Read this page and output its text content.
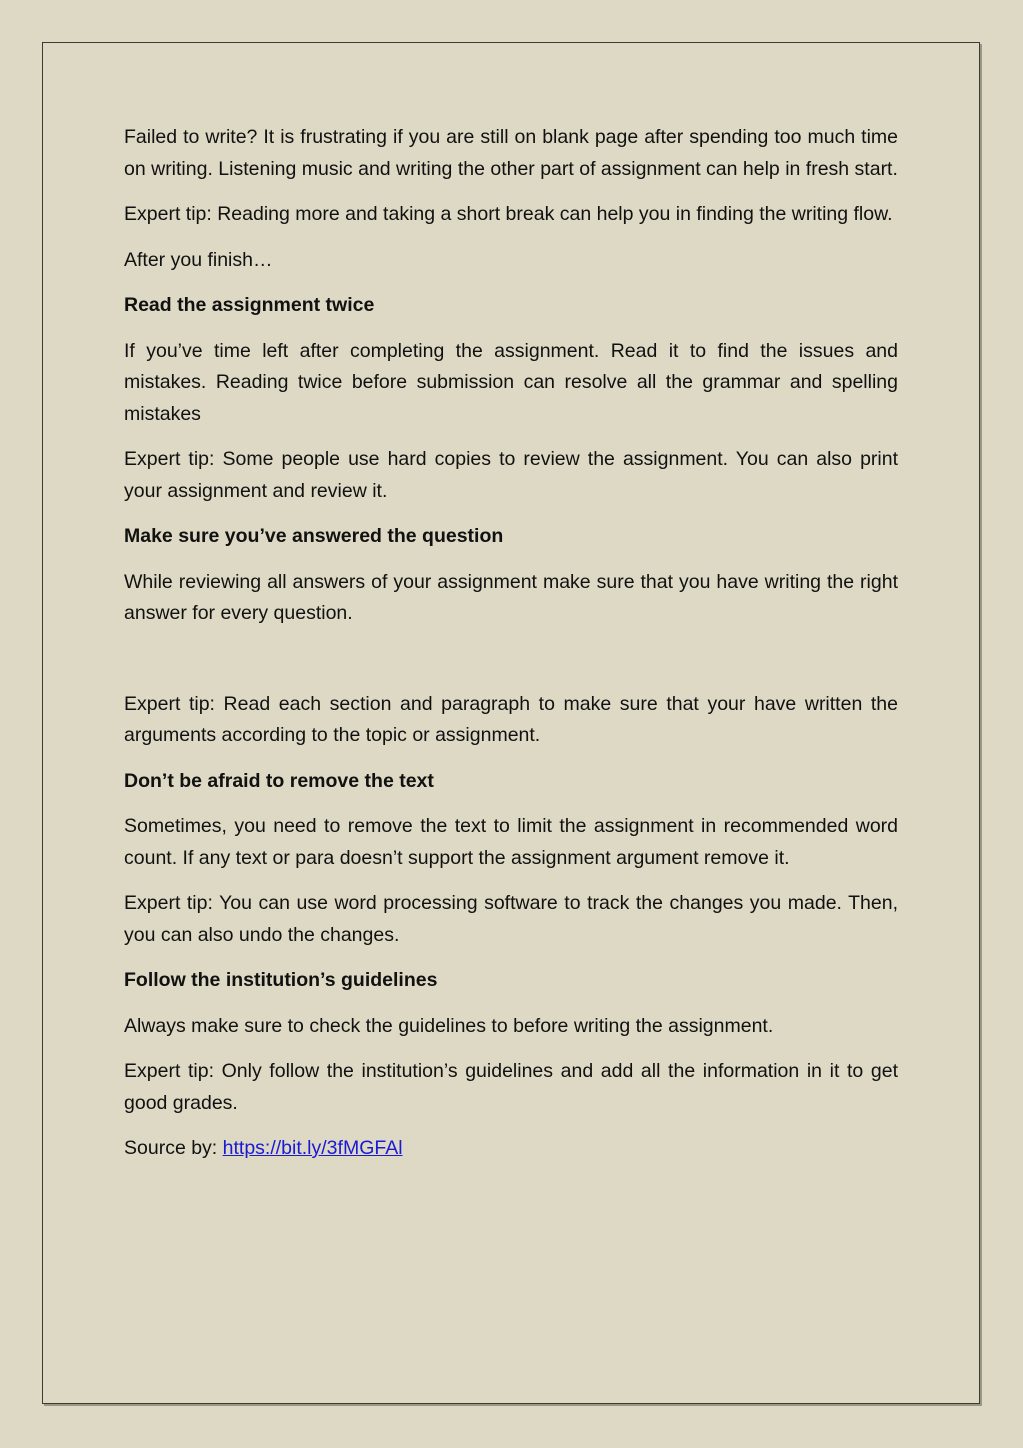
Failed to write? It is frustrating if you are still on blank page after spending too much time on writing. Listening music and writing the other part of assignment can help in fresh start.

Expert tip: Reading more and taking a short break can help you in finding the writing flow.

After you finish…

Read the assignment twice

If you’ve time left after completing the assignment. Read it to find the issues and mistakes. Reading twice before submission can resolve all the grammar and spelling mistakes

Expert tip: Some people use hard copies to review the assignment. You can also print your assignment and review it.

Make sure you’ve answered the question

While reviewing all answers of your assignment make sure that you have writing the right answer for every question.

Expert tip: Read each section and paragraph to make sure that your have written the arguments according to the topic or assignment.

Don’t be afraid to remove the text

Sometimes, you need to remove the text to limit the assignment in recommended word count. If any text or para doesn’t support the assignment argument remove it.

Expert tip: You can use word processing software to track the changes you made. Then, you can also undo the changes.

Follow the institution’s guidelines

Always make sure to check the guidelines to before writing the assignment.

Expert tip: Only follow the institution’s guidelines and add all the information in it to get good grades.

Source by: https://bit.ly/3fMGFAl
